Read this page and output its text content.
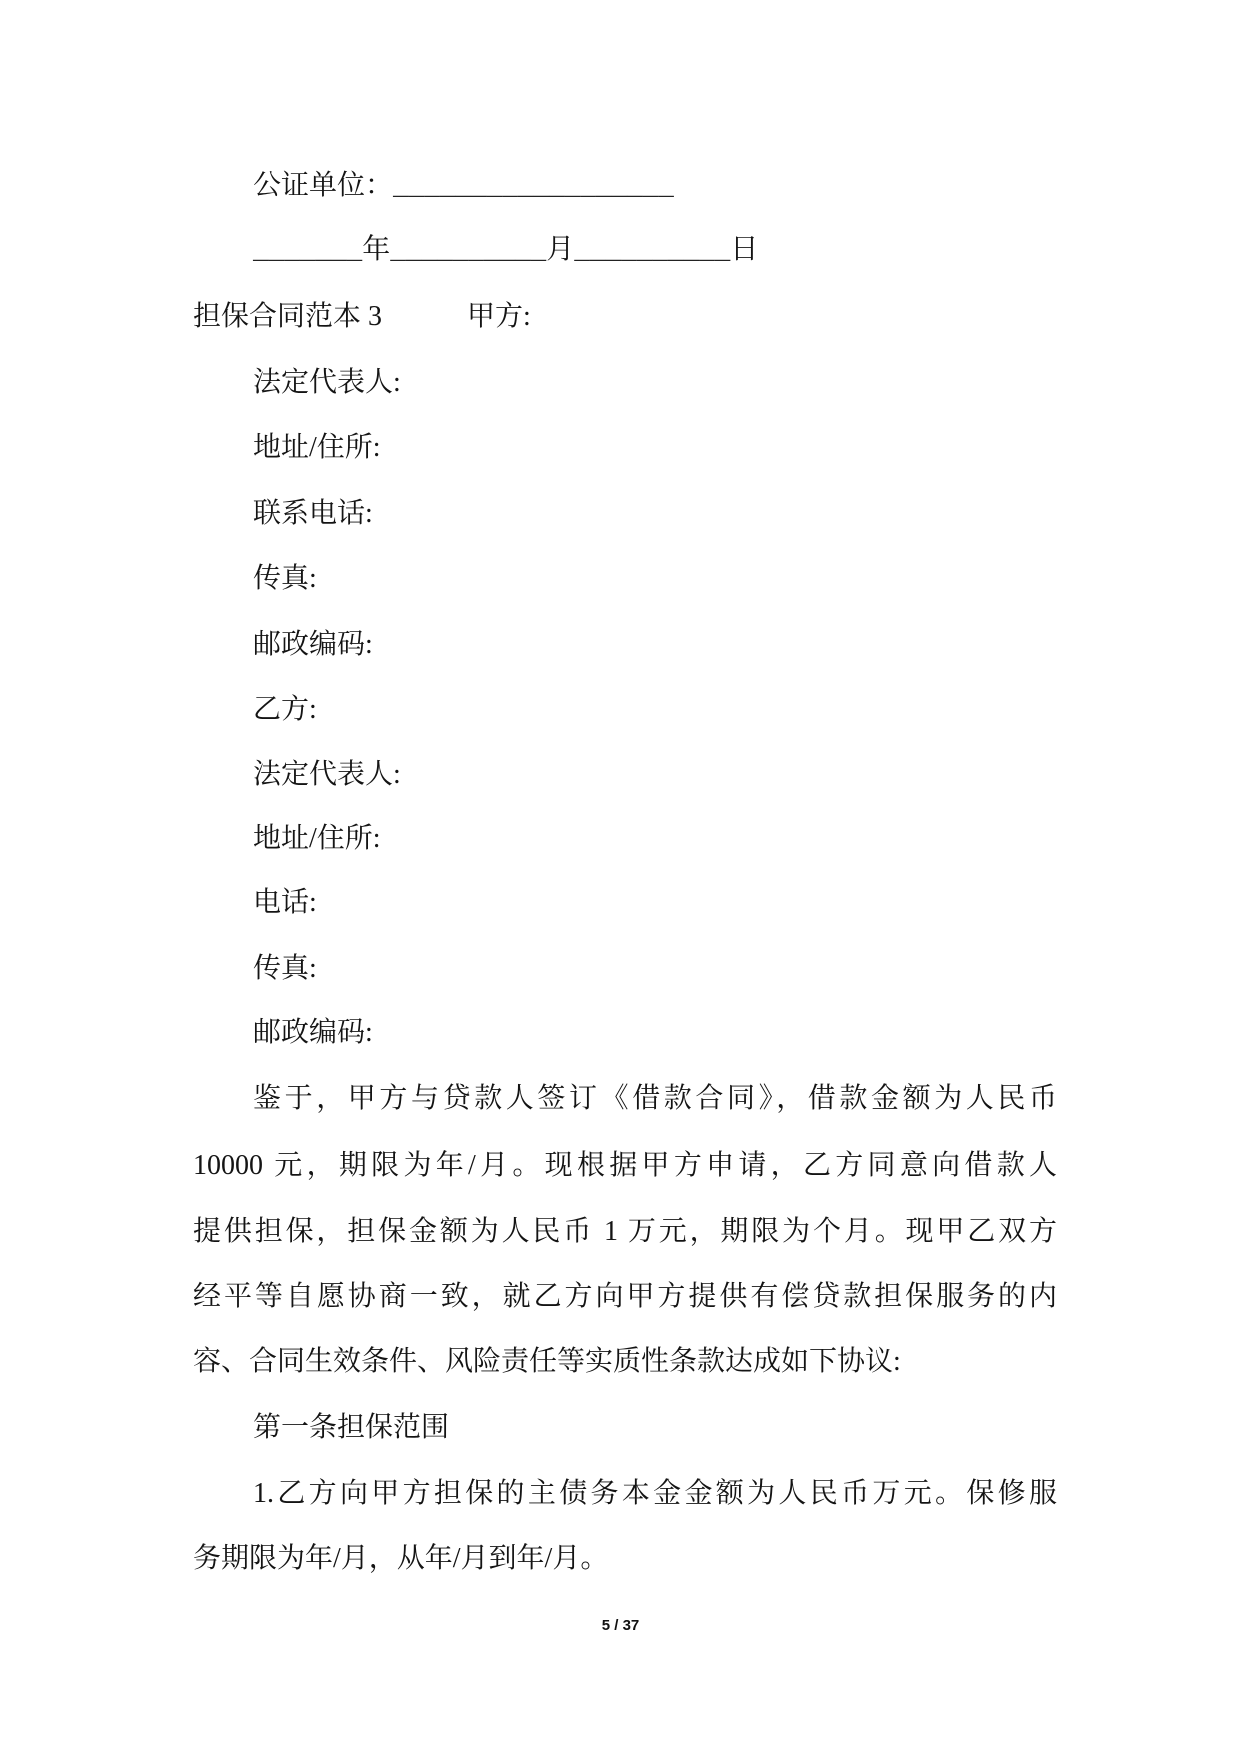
公证单位：__________________
_______年__________月__________日
担保合同范本 3	甲方:
法定代表人:
地址/住所:
联系电话:
传真:
邮政编码:
乙方:
法定代表人:
地址/住所:
电话:
传真:
邮政编码:
鉴于，甲方与贷款人签订《借款合同》，借款金额为人民币
10000 元，期限为年/月。现根据甲方申请，乙方同意向借款人
提供担保，担保金额为人民币 1 万元，期限为个月。现甲乙双方
经平等自愿协商一致，就乙方向甲方提供有偿贷款担保服务的内
容、合同生效条件、风险责任等实质性条款达成如下协议:
第一条担保范围
1.乙方向甲方担保的主债务本金金额为人民币万元。保修服
务期限为年/月，从年/月到年/月。
5 / 37
